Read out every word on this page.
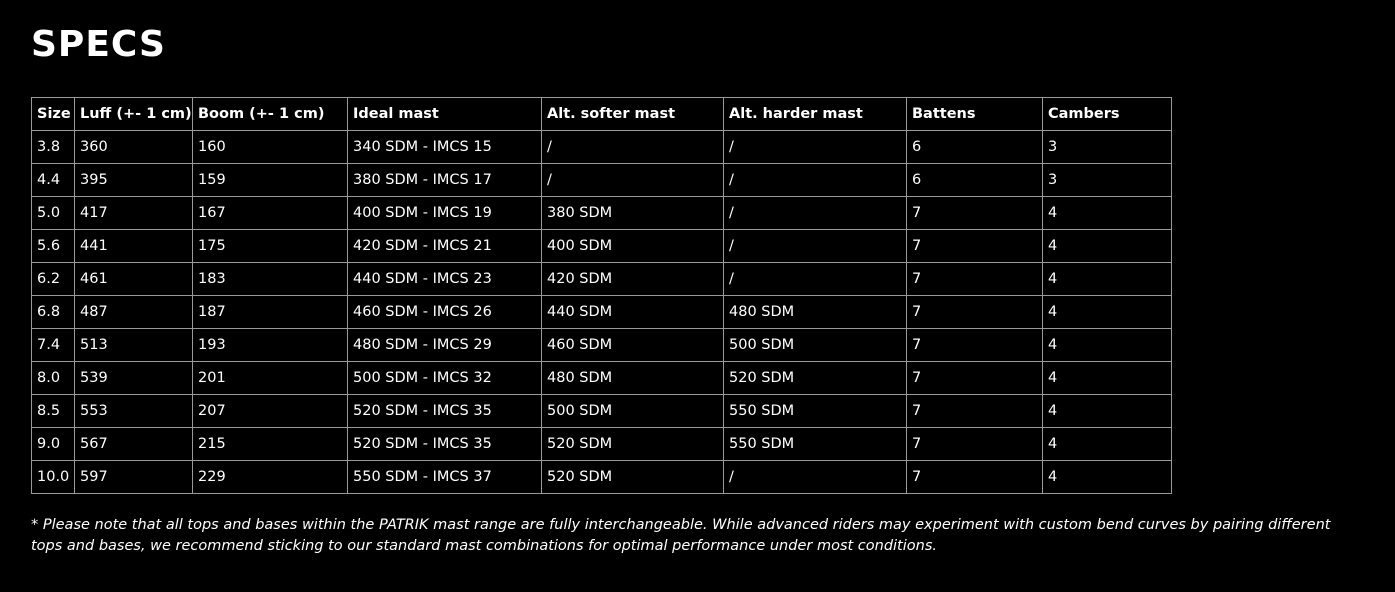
SPECS
Size	Luff (+- 1 cm)	Boom (+- 1 cm)	Ideal mast	Alt. softer mast	Alt. harder mast	Battens	Cambers
3.8	360	160	340 SDM - IMCS 15	/	/	6	3
4.4	395	159	380 SDM - IMCS 17	/	/	6	3
5.0	417	167	400 SDM - IMCS 19	380 SDM	/	7	4
5.6	441	175	420 SDM - IMCS 21	400 SDM	/	7	4
6.2	461	183	440 SDM - IMCS 23	420 SDM	/	7	4
6.8	487	187	460 SDM - IMCS 26	440 SDM	480 SDM	7	4
7.4	513	193	480 SDM - IMCS 29	460 SDM	500 SDM	7	4
8.0	539	201	500 SDM - IMCS 32	480 SDM	520 SDM	7	4
8.5	553	207	520 SDM - IMCS 35	500 SDM	550 SDM	7	4
9.0	567	215	520 SDM - IMCS 35	520 SDM	550 SDM	7	4
10.0	597	229	550 SDM - IMCS 37	520 SDM	/	7	4

* Please note that all tops and bases within the PATRIK mast range are fully interchangeable. While advanced riders may experiment with custom bend curves by pairing different tops and bases, we recommend sticking to our standard mast combinations for optimal performance under most conditions.
